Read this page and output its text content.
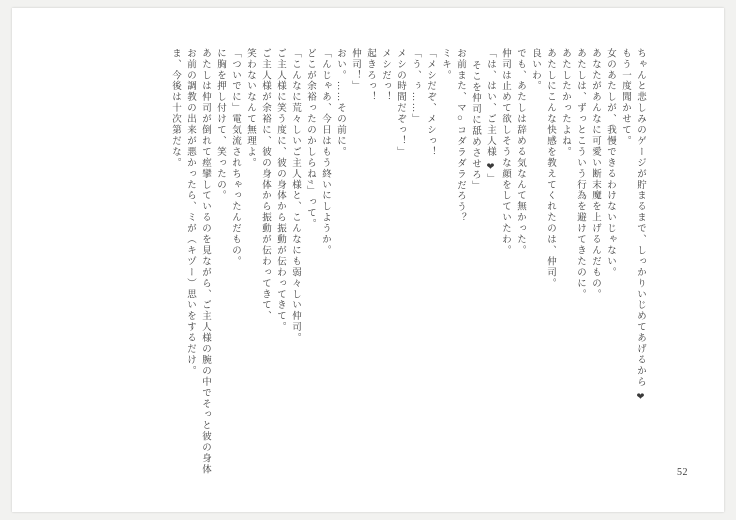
ま、今後は十次第だな。 お前の調教の出来が悪かったら、ミが（キヅー）思いをするだけ。 あたしは仲司が倒れて痙攣しているのを見ながら、ご主人様の腕の中でそっと彼の身体 に胸を押し付けて、笑ったの。 「ついでに」電気流されちゃったんだもの。 笑わないなんて無理よ。 ご主人様が余裕に、彼の身体から振動が伝わってきて、 ご主人様に笑う度に、彼の身体から振動が伝わってきて。 「こんなに荒々しいご主人様と、こんなにも弱々しい仲司。 どこが余裕ったのかしらねｯ」って。 「んじゃあ、今日はもう終いにしようか。 おい。……その前に。 仲司！」 起きろっ！ メシだっ！ メシの時間だぞっ！」 「う、ぅ……」 「メシだぞ、メシっ！ ミキ。 お前また、マ○コダラダラだろう？ そこを仲司に舐めさせろ」 「は、はい、ご主人様 ❤」 仲司は止めて欲しそうな顔をしていたわ。 でも、あたしは辞める気なんて無かった。 良いわ。 あたしにこんな快感を教えてくれたのは、仲司。 あたしたかったよね。 あたしは、ずっとこういう行為を避けてきたのに。 あなたがあんなに可愛い断末魔を上げるんだもの。 女のあたしが、我慢できるわけないじゃない。 もう一度聞かせて。 ちゃんと悲しみのゲージが貯まるまで、しっかりいじめてあげるから ❤
52
